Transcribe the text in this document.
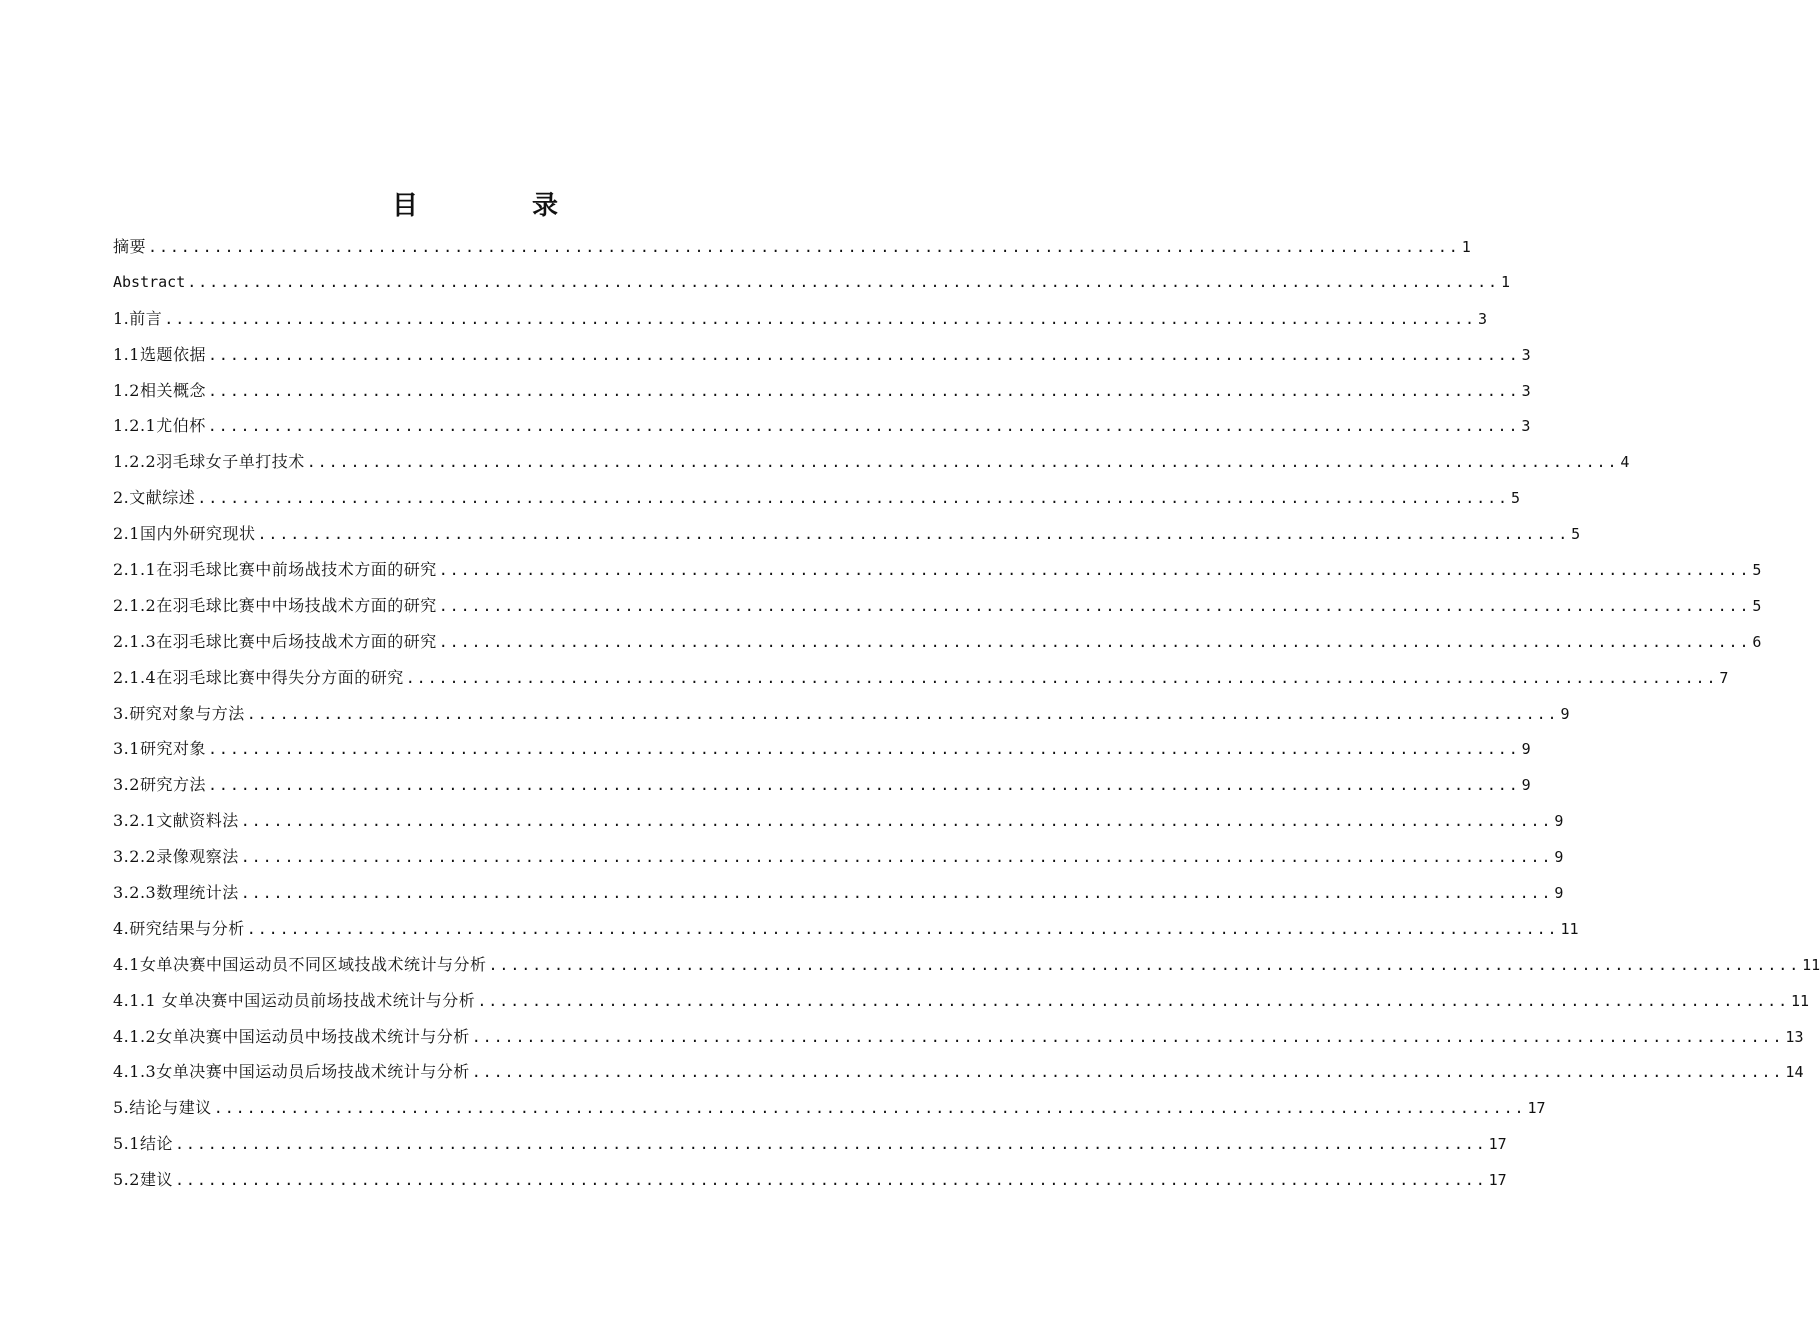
目　录
摘要 ........................................................................................................................ 1
Abstract ........................................................................................................................ 1
1.前言 ........................................................................................................................ 3
1.1选题依据 ........................................................................................................................ 3
1.2相关概念 ........................................................................................................................ 3
1.2.1尤伯杯 ........................................................................................................................ 3
1.2.2羽毛球女子单打技术 ........................................................................................................................ 4
2.文献综述 ........................................................................................................................ 5
2.1国内外研究现状 ........................................................................................................................ 5
2.1.1在羽毛球比赛中前场战技术方面的研究 ........................................................................................................................ 5
2.1.2在羽毛球比赛中中场技战术方面的研究 ........................................................................................................................ 5
2.1.3在羽毛球比赛中后场技战术方面的研究 ........................................................................................................................ 6
2.1.4在羽毛球比赛中得失分方面的研究 ........................................................................................................................ 7
3.研究对象与方法 ........................................................................................................................ 9
3.1研究对象 ........................................................................................................................ 9
3.2研究方法 ........................................................................................................................ 9
3.2.1文献资料法 ........................................................................................................................ 9
3.2.2录像观察法 ........................................................................................................................ 9
3.2.3数理统计法 ........................................................................................................................ 9
4.研究结果与分析 ........................................................................................................................ 11
4.1女单决赛中国运动员不同区域技战术统计与分析 ........................................................................................................................ 11
4.1.1 女单决赛中国运动员前场技战术统计与分析 ........................................................................................................................ 11
4.1.2女单决赛中国运动员中场技战术统计与分析 ........................................................................................................................ 13
4.1.3女单决赛中国运动员后场技战术统计与分析 ........................................................................................................................ 14
5.结论与建议 ........................................................................................................................ 17
5.1结论 ........................................................................................................................ 17
5.2建议 ........................................................................................................................ 17
